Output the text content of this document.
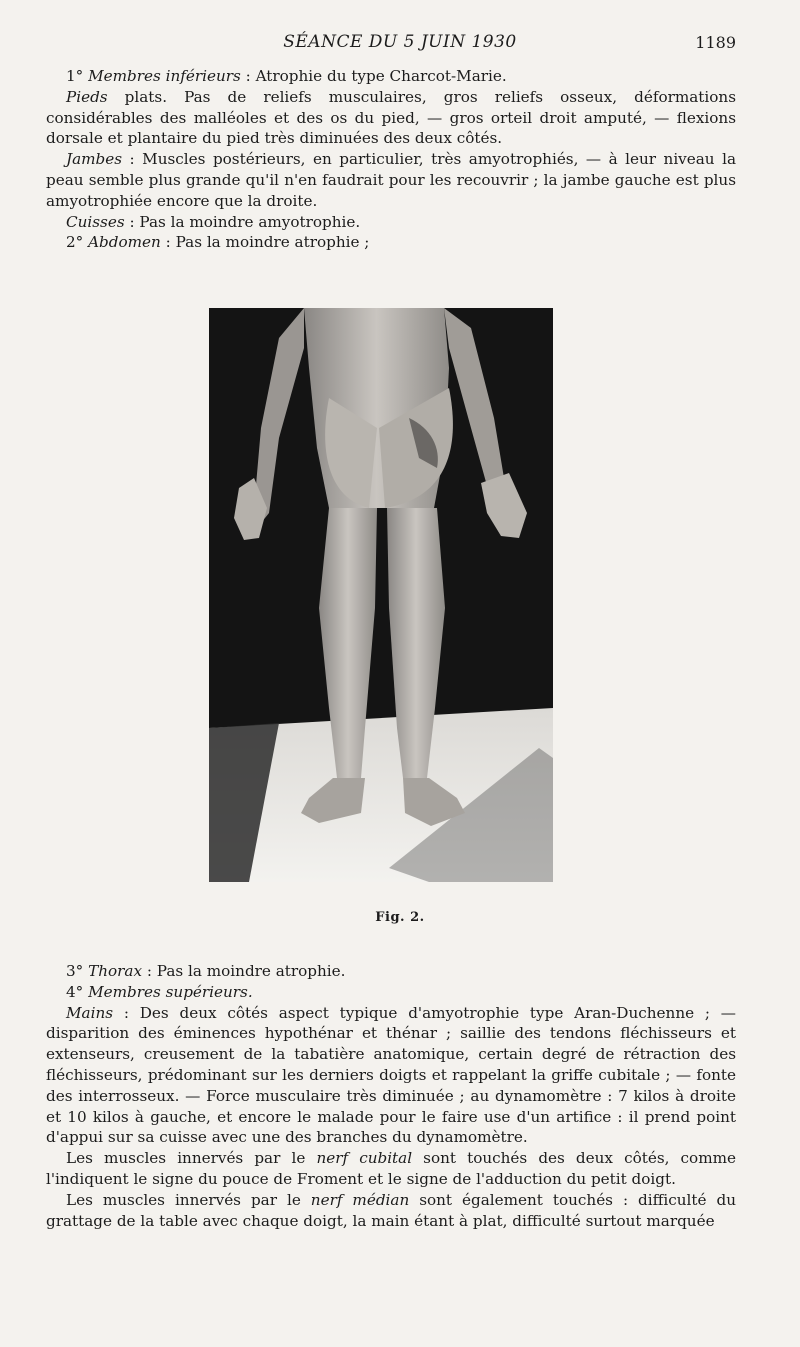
SÉANCE DU 5 JUIN 1930	1189

1° Membres inférieurs : Atrophie du type Charcot-Marie.

Pieds plats. Pas de reliefs musculaires, gros reliefs osseux, déformations considérables des malléoles et des os du pied, — gros orteil droit amputé, — flexions dorsale et plantaire du pied très diminuées des deux côtés.

Jambes : Muscles postérieurs, en particulier, très amyotrophiés, — à leur niveau la peau semble plus grande qu'il n'en faudrait pour les recouvrir ; la jambe gauche est plus amyotrophiée encore que la droite.

Cuisses : Pas la moindre amyotrophie.

2° Abdomen : Pas la moindre atrophie ;

Fig. 2.

3° Thorax : Pas la moindre atrophie.

4° Membres supérieurs.

Mains : Des deux côtés aspect typique d'amyotrophie type Aran-Duchenne ; — disparition des éminences hypothénar et thénar ; saillie des tendons fléchisseurs et extenseurs, creusement de la tabatière anatomique, certain degré de rétraction des fléchisseurs, prédominant sur les derniers doigts et rappelant la griffe cubitale ; — fonte des interrosseux. — Force musculaire très diminuée ; au dynamomètre : 7 kilos à droite et 10 kilos à gauche, et encore le malade pour le faire use d'un artifice : il prend point d'appui sur sa cuisse avec une des branches du dynamomètre.

Les muscles innervés par le nerf cubital sont touchés des deux côtés, comme l'indiquent le signe du pouce de Froment et le signe de l'adduction du petit doigt.

Les muscles innervés par le nerf médian sont également touchés : difficulté du grattage de la table avec chaque doigt, la main étant à plat, difficulté surtout marquée
